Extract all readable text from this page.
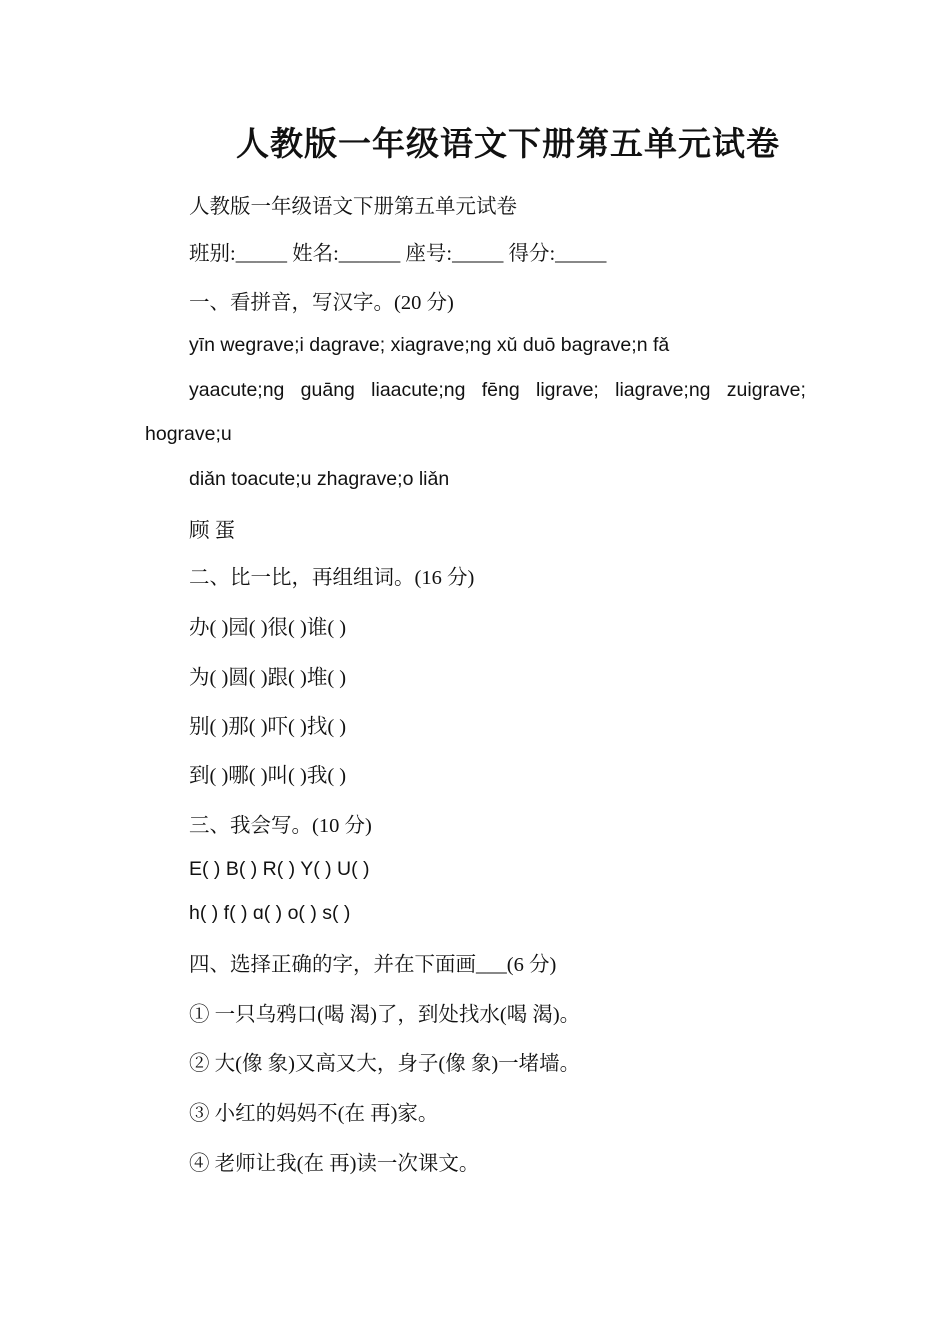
人教版一年级语文下册第五单元试卷
人教版一年级语文下册第五单元试卷
班别:_____ 姓名:______ 座号:_____ 得分:_____
一、看拼音，写汉字。(20 分)
yīn wegrave;i dagrave; xiagrave;ng xǔ duō bagrave;n fǎ
yaacute;ng guāng liaacute;ng fēng ligrave; liagrave;ng zuigrave;
hograve;u
diǎn toacute;u zhagrave;o liǎn
顾 蛋
二、比一比，再组组词。(16 分)
办( )园( )很( )谁( )
为( )圆( )跟( )堆( )
别( )那( )吓( )找( )
到( )哪( )叫( )我( )
三、我会写。(10 分)
E( ) B( ) R( ) Y( ) U( )
h( ) f( ) ɑ( ) o( ) s( )
四、选择正确的字，并在下面画___(6 分)
① 一只乌鸦口(喝 渴)了，到处找水(喝 渴)。
② 大(像 象)又高又大，身子(像 象)一堵墙。
③ 小红的妈妈不(在 再)家。
④ 老师让我(在 再)读一次课文。
